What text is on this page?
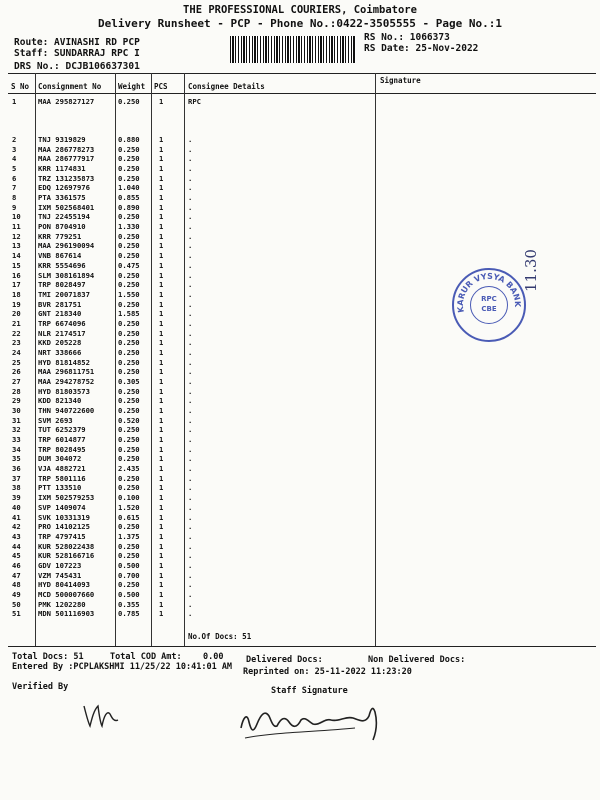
THE PROFESSIONAL COURIERS, Coimbatore
Delivery Runsheet - PCP - Phone No.:0422-3505555 - Page No.:1
Route: AVINASHI RD PCP
Staff: SUNDARRAJ RPC I
DRS No.: DCJB106637301
RS No.: 1066373
RS Date: 25-Nov-2022
S No Consignment No Weight PCS	Consignee Details
Signature
1	MAA 295827127	0.250	1	RPC
2	TNJ 9319829	0.880	1	.
3	MAA 286778273	0.250	1	.
4	MAA 286777917	0.250	1	.
5	KRR 1174831	0.250	1	.
6	TRZ 131235873	0.250	1	.
7	EDQ 12697976	1.040	1	.
8	PTA 3361575	0.855	1	.
9	IXM 502568401	0.890	1	.
10 TNJ 22455194	0.250	1	.
11 PON 8704910	1.330	1	.
12 KRR 779251	0.250	1	.
13 MAA 296190094	0.250	1	.
14 VNB 867614	0.250	1	.
15 KRR 5554696	0.475	1	.
16 SLM 308161894	0.250	1	.
17 TRP 8028497	0.250	1	.
18 TMI 20071837	1.550	1	.
19 BVR 281751	0.250	1	.
20 GNT 218340	1.585	1	.
21 TRP 6674096	0.250	1	.
22 NLR 2174517	0.250	1	.
23 KKD 205228	0.250	1	.
24 NRT 338666	0.250	1	.
25 HYD 81814852	0.250	1	.
26 MAA 296811751	0.250	1	.
27 MAA 294278752	0.305	1	.
28 HYD 81803573	0.250	1	.
29 KDD 821340	0.250	1	.
30 THN 940722600	0.250	1	.
31 SVM 2693	0.520	1	.
32 TUT 6252379	0.250	1	.
33 TRP 6014877	0.250	1	.
34 TRP 8028495	0.250	1	.
35 DUM 304072	0.250	1	.
36 VJA 4882721	2.435	1	.
37 TRP 5801116	0.250	1	.
38 PTT 133510	0.250	1	.
39 IXM 502579253	0.100	1	.
40 SVP 1409074	1.520	1	.
41 SVK 10331319	0.615	1	.
42 PRO 14102125	0.250	1	.
43 TRP 4797415	1.375	1	.
44 KUR 528022438	0.250	1	.
45 KUR 528166716	0.250	1	.
46 GDV 107223	0.500	1	.
47 VZM 745431	0.700	1	.
48 HYD 80414093	0.250	1	.
49 MCD 500007660	0.500	1	.
50 PMK 1202280	0.355	1	.
51 MDN 501116903	0.785	1	.
No.Of Docs: 51
Total Docs: 51	Total COD Amt:	0.00	Delivered Docs:	Non Delivered Docs:
Entered By :PCPLAKSHMI 11/25/22 10:41:01 AM Reprinted on: 25-11-2022 11:23:20
Verified By	Staff Signature
KARUR VYSYA BANK
RPC
CBE
11.30
